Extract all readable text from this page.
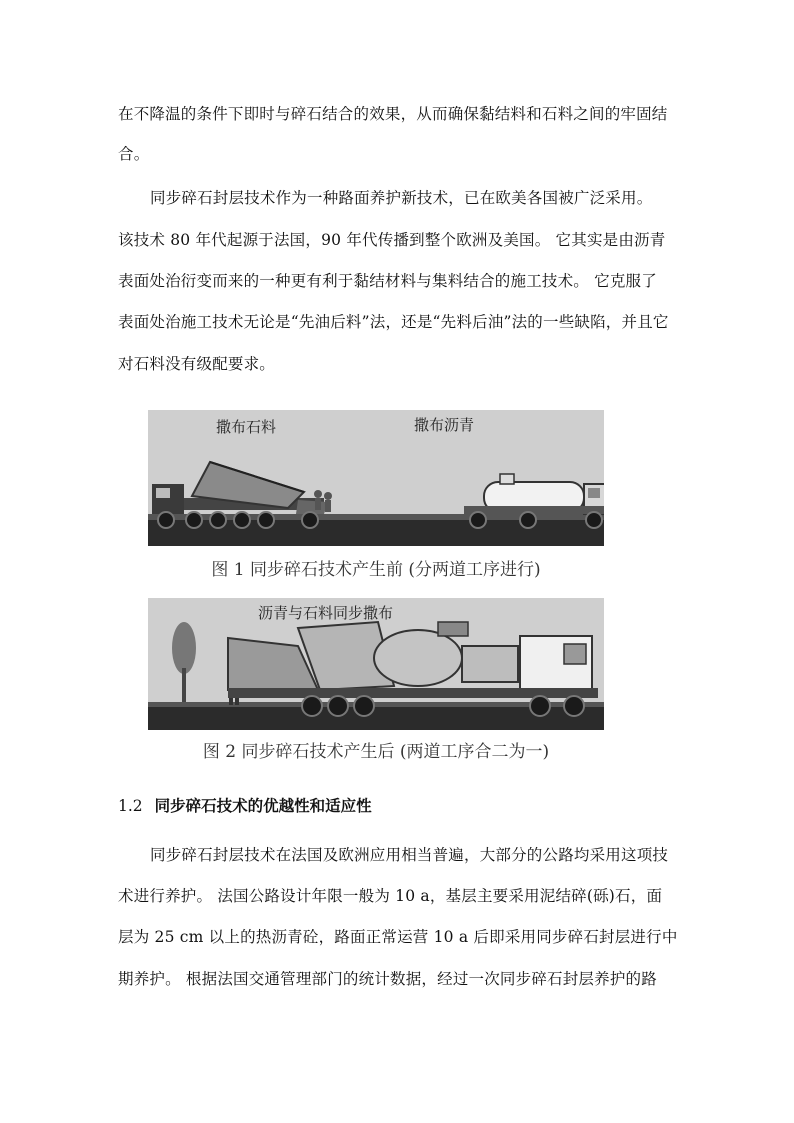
在不降温的条件下即时与碎石结合的效果，从而确保黏结料和石料之间的牢固结

合。

同步碎石封层技术作为一种路面养护新技术，已在欧美各国被广泛采用。

该技术 80 年代起源于法国，90 年代传播到整个欧洲及美国。 它其实是由沥青

表面处治衍变而来的一种更有利于黏结材料与集料结合的施工技术。 它克服了

表面处治施工技术无论是“先油后料”法，还是“先料后油”法的一些缺陷，并且它

对石料没有级配要求。

撒布石料	撒布沥青

图 1 同步碎石技术产生前 (分两道工序进行)

沥青与石料同步撒布

图 2 同步碎石技术产生后 (两道工序合二为一)

1.2 同步碎石技术的优越性和适应性

同步碎石封层技术在法国及欧洲应用相当普遍，大部分的公路均采用这项技

术进行养护。 法国公路设计年限一般为 10 a，基层主要采用泥结碎(砾)石，面

层为 25 cm 以上的热沥青砼，路面正常运营 10 a 后即采用同步碎石封层进行中

期养护。 根据法国交通管理部门的统计数据，经过一次同步碎石封层养护的路
